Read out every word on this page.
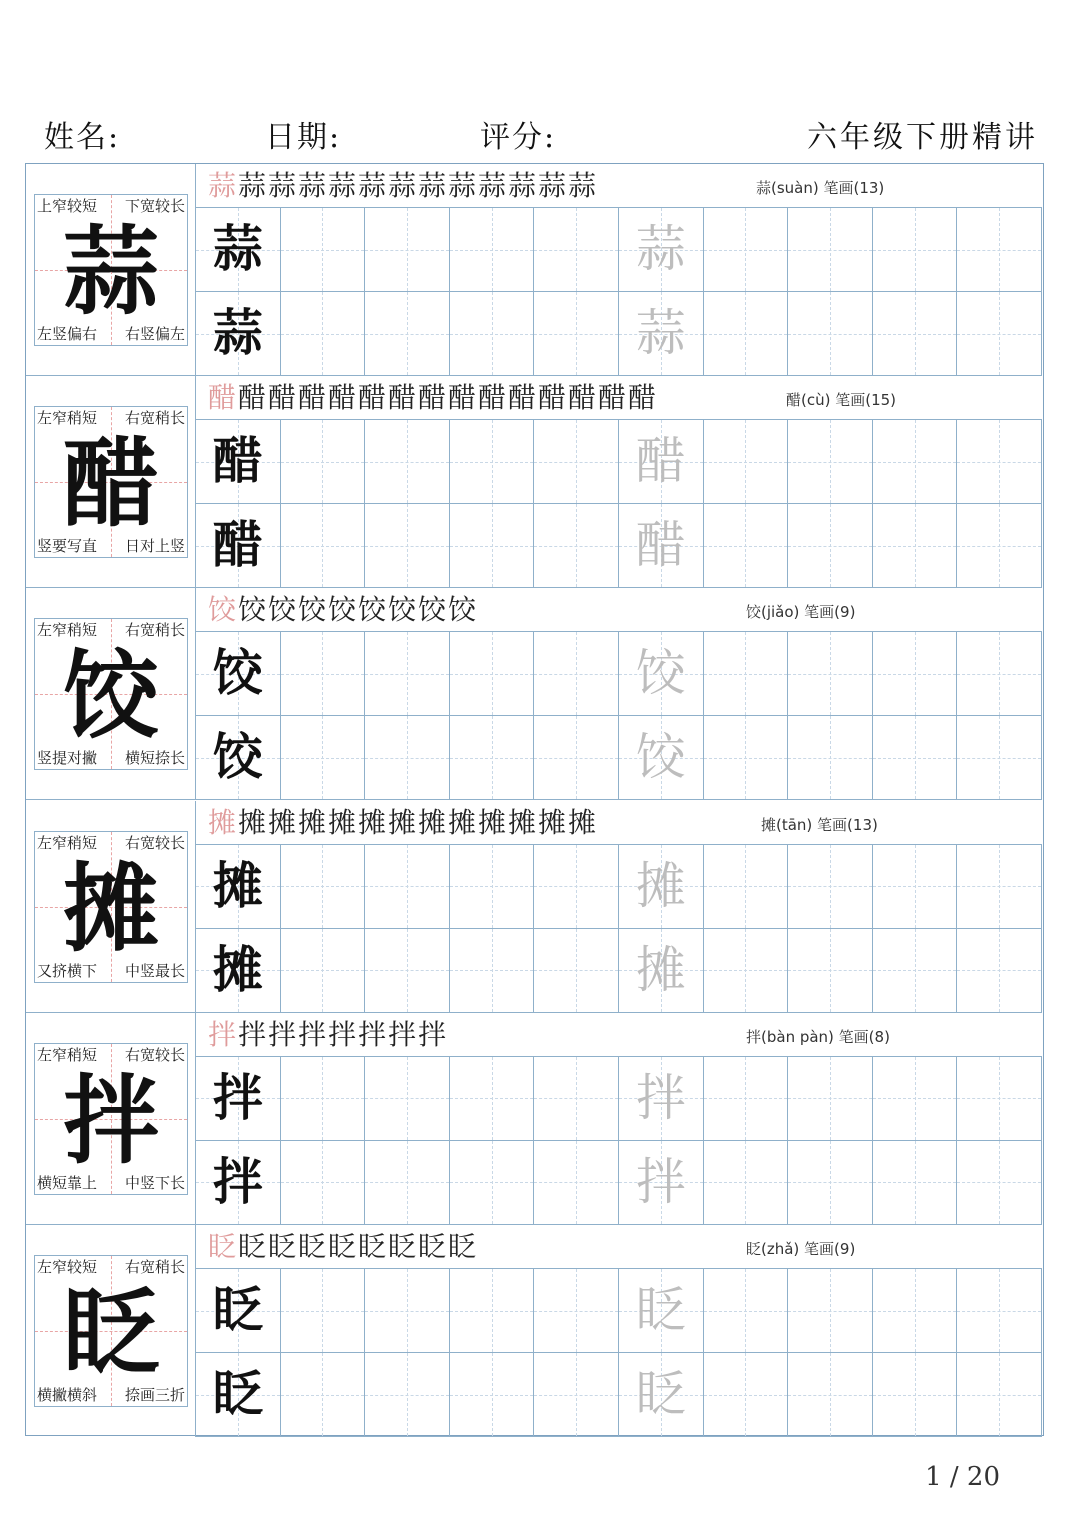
姓名:	日期:	评分:	六年级下册精讲
上窄较短 下宽较长
左竖偏右 右竖偏左
蒜
蒜蒜蒜蒜蒜蒜蒜蒜蒜蒜蒜蒜蒜	蒜(suàn) 笔画(13)
蒜	蒜
蒜	蒜
左窄稍短 右宽稍长
竖要写直 日对上竖
醋
醋醋醋醋醋醋醋醋醋醋醋醋醋醋醋	醋(cù) 笔画(15)
醋	醋
醋	醋
左窄稍短 右宽稍长
竖提对撇 横短捺长
饺
饺饺饺饺饺饺饺饺饺	饺(jiǎo) 笔画(9)
饺	饺
饺	饺
左窄稍短 右宽较长
又挤横下 中竖最长
摊
摊摊摊摊摊摊摊摊摊摊摊摊摊	摊(tān) 笔画(13)
摊	摊
摊	摊
左窄稍短 右宽较长
横短靠上 中竖下长
拌
拌拌拌拌拌拌拌拌	拌(bàn pàn) 笔画(8)
拌	拌
拌	拌
左窄较短 右宽稍长
横撇横斜 捺画三折
眨
眨眨眨眨眨眨眨眨眨	眨(zhǎ) 笔画(9)
眨	眨
眨	眨
1 / 20
